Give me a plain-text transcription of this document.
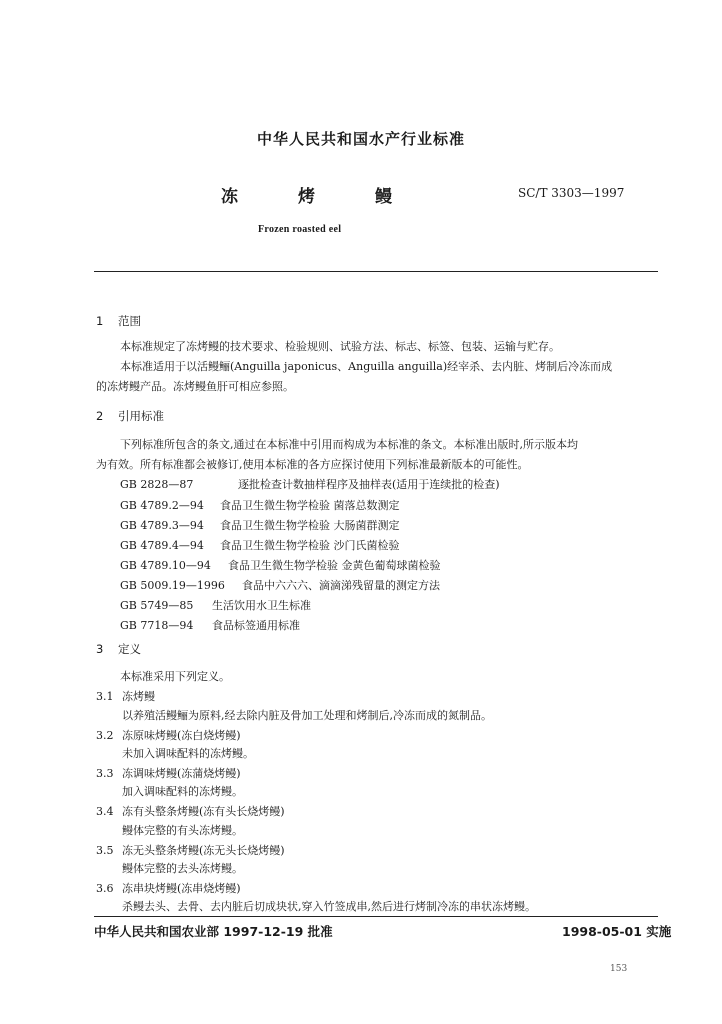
中华人民共和国水产行业标准
冻	烤	鳗	SC/T 3303—1997
Frozen roasted eel
1 范围
本标准规定了冻烤鳗的技术要求、检验规则、试验方法、标志、标签、包装、运输与贮存。
本标准适用于以活鳗鲡(Anguilla japonicus、Anguilla anguilla)经宰杀、去内脏、烤制后冷冻而成
的冻烤鳗产品。冻烤鳗鱼肝可相应参照。
2 引用标准
下列标准所包含的条文,通过在本标准中引用而构成为本标准的条文。本标准出版时,所示版本均
为有效。所有标准都会被修订,使用本标准的各方应探讨使用下列标准最新版本的可能性。
GB 2828—87	逐批检查计数抽样程序及抽样表(适用于连续批的检查)
GB 4789.2—94 食品卫生微生物学检验 菌落总数测定
GB 4789.3—94 食品卫生微生物学检验 大肠菌群测定
GB 4789.4—94 食品卫生微生物学检验 沙门氏菌检验
GB 4789.10—94 食品卫生微生物学检验 金黄色葡萄球菌检验
GB 5009.19—1996 食品中六六六、滴滴涕残留量的测定方法
GB 5749—85 生活饮用水卫生标准
GB 7718—94 食品标签通用标准
3 定义
本标准采用下列定义。
3.1 冻烤鳗
以养殖活鳗鲡为原料,经去除内脏及骨加工处理和烤制后,冷冻而成的氮制品。
3.2 冻原味烤鳗(冻白烧烤鳗)
未加入调味配料的冻烤鳗。
3.3 冻调味烤鳗(冻蒲烧烤鳗)
加入调味配料的冻烤鳗。
3.4 冻有头整条烤鳗(冻有头长烧烤鳗)
鳗体完整的有头冻烤鳗。
3.5 冻无头整条烤鳗(冻无头长烧烤鳗)
鳗体完整的去头冻烤鳗。
3.6 冻串块烤鳗(冻串烧烤鳗)
杀鳗去头、去骨、去内脏后切成块状,穿入竹签成串,然后进行烤制冷冻的串状冻烤鳗。
中华人民共和国农业部 1997-12-19 批准	1998-05-01 实施
153
